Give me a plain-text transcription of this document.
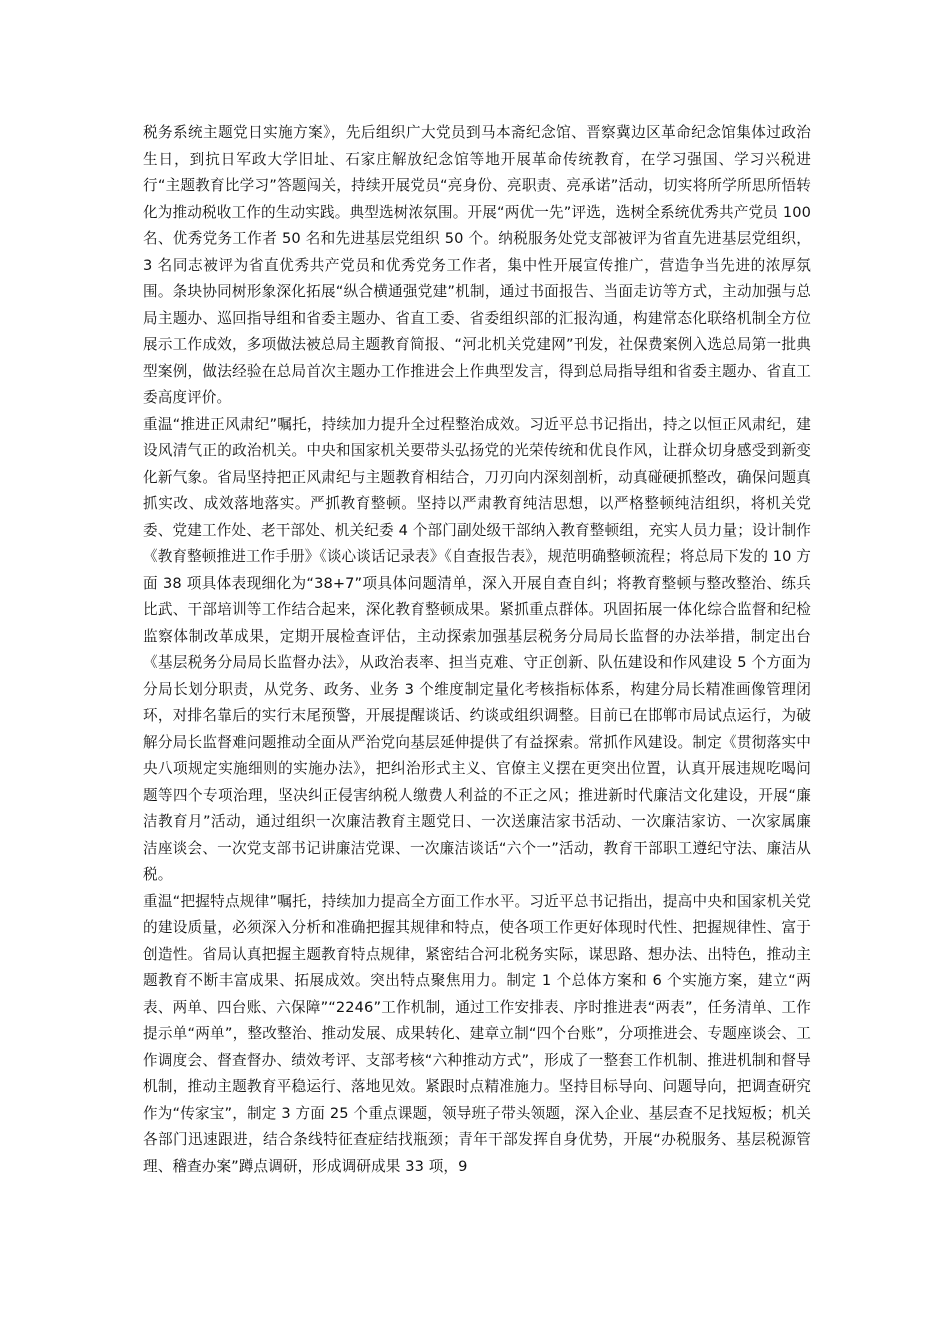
税务系统主题党日实施方案》，先后组织广大党员到马本斋纪念馆、晋察冀边区革命纪念馆集体过政治生日，到抗日军政大学旧址、石家庄解放纪念馆等地开展革命传统教育，在学习强国、学习兴税进行“主题教育比学习”答题闯关，持续开展党员“亮身份、亮职责、亮承诺”活动，切实将所学所思所悟转化为推动税收工作的生动实践。典型选树浓氛围。开展“两优一先”评选，选树全系统优秀共产党员 100 名、优秀党务工作者 50 名和先进基层党组织 50 个。纳税服务处党支部被评为省直先进基层党组织，3 名同志被评为省直优秀共产党员和优秀党务工作者，集中性开展宣传推广，营造争当先进的浓厚氛围。条块协同树形象深化拓展“纵合横通强党建”机制，通过书面报告、当面走访等方式，主动加强与总局主题办、巡回指导组和省委主题办、省直工委、省委组织部的汇报沟通，构建常态化联络机制全方位展示工作成效，多项做法被总局主题教育简报、“河北机关党建网”刊发，社保费案例入选总局第一批典型案例，做法经验在总局首次主题办工作推进会上作典型发言，得到总局指导组和省委主题办、省直工委高度评价。

重温“推进正风肃纪”嘱托，持续加力提升全过程整治成效。习近平总书记指出，持之以恒正风肃纪，建设风清气正的政治机关。中央和国家机关要带头弘扬党的光荣传统和优良作风，让群众切身感受到新变化新气象。省局坚持把正风肃纪与主题教育相结合，刀刃向内深刻剖析，动真碰硬抓整改，确保问题真抓实改、成效落地落实。严抓教育整顿。坚持以严肃教育纯洁思想，以严格整顿纯洁组织，将机关党委、党建工作处、老干部处、机关纪委 4 个部门副处级干部纳入教育整顿组，充实人员力量；设计制作《教育整顿推进工作手册》《谈心谈话记录表》《自查报告表》，规范明确整顿流程；将总局下发的 10 方面 38 项具体表现细化为“38+7”项具体问题清单，深入开展自查自纠；将教育整顿与整改整治、练兵比武、干部培训等工作结合起来，深化教育整顿成果。紧抓重点群体。巩固拓展一体化综合监督和纪检监察体制改革成果，定期开展检查评估，主动探索加强基层税务分局局长监督的办法举措，制定出台《基层税务分局局长监督办法》，从政治表率、担当克难、守正创新、队伍建设和作风建设 5 个方面为分局长划分职责，从党务、政务、业务 3 个维度制定量化考核指标体系，构建分局长精准画像管理闭环，对排名靠后的实行末尾预警，开展提醒谈话、约谈或组织调整。目前已在邯郸市局试点运行，为破解分局长监督难问题推动全面从严治党向基层延伸提供了有益探索。常抓作风建设。制定《贯彻落实中央八项规定实施细则的实施办法》，把纠治形式主义、官僚主义摆在更突出位置，认真开展违规吃喝问题等四个专项治理，坚决纠正侵害纳税人缴费人利益的不正之风；推进新时代廉洁文化建设，开展“廉洁教育月”活动，通过组织一次廉洁教育主题党日、一次送廉洁家书活动、一次廉洁家访、一次家属廉洁座谈会、一次党支部书记讲廉洁党课、一次廉洁谈话“六个一”活动，教育干部职工遵纪守法、廉洁从税。

重温“把握特点规律”嘱托，持续加力提高全方面工作水平。习近平总书记指出，提高中央和国家机关党的建设质量，必须深入分析和准确把握其规律和特点，使各项工作更好体现时代性、把握规律性、富于创造性。省局认真把握主题教育特点规律，紧密结合河北税务实际，谋思路、想办法、出特色，推动主题教育不断丰富成果、拓展成效。突出特点聚焦用力。制定 1 个总体方案和 6 个实施方案，建立“两表、两单、四台账、六保障”“2246”工作机制，通过工作安排表、序时推进表“两表”，任务清单、工作提示单“两单”，整改整治、推动发展、成果转化、建章立制“四个台账”，分项推进会、专题座谈会、工作调度会、督查督办、绩效考评、支部考核“六种推动方式”，形成了一整套工作机制、推进机制和督导机制，推动主题教育平稳运行、落地见效。紧跟时点精准施力。坚持目标导向、问题导向，把调查研究作为“传家宝”，制定 3 方面 25 个重点课题，领导班子带头领题，深入企业、基层查不足找短板；机关各部门迅速跟进，结合条线特征查症结找瓶颈；青年干部发挥自身优势，开展“办税服务、基层税源管理、稽查办案”蹲点调研，形成调研成果 33 项，9
